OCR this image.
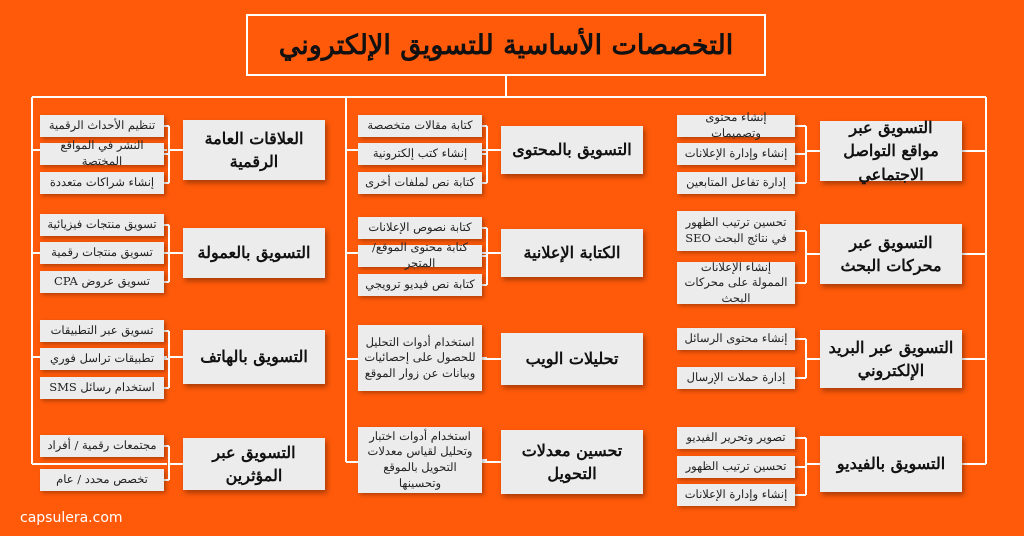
التخصصات الأساسية للتسويق الإلكتروني
التسويق عبر مواقع التواصل الاجتماعي
إنشاء محتوى وتصميمات
إنشاء وإدارة الإعلانات
إدارة تفاعل المتابعين
التسويق عبر محركات البحث
تحسين ترتيب الظهور في نتائج البحث SEO
إنشاء الإعلانات الممولة على محركات البحث
التسويق عبر البريد الإلكتروني
إنشاء محتوى الرسائل
إدارة حملات الإرسال
التسويق بالفيديو
تصوير وتحرير الفيديو
تحسين ترتيب الظهور
إنشاء وإدارة الإعلانات
التسويق بالمحتوى
كتابة مقالات متخصصة
إنشاء كتب إلكترونية
كتابة نص لملفات أخرى
الكتابة الإعلانية
كتابة نصوص الإعلانات
كتابة محتوى الموقع/المتجر
كتابة نص فيديو ترويجي
تحليلات الويب
استخدام أدوات التحليل للحصول على إحصائيات وبيانات عن زوار الموقع
تحسين معدلات التحويل
استخدام أدوات اختبار وتحليل لقياس معدلات التحويل بالموقع وتحسينها
العلاقات العامة الرقمية
تنظيم الأحداث الرقمية
النشر في المواقع المختصة
إنشاء شراكات متعددة
التسويق بالعمولة
تسويق منتجات فيزيائية
تسويق منتجات رقمية
تسويق عروض CPA
التسويق بالهاتف
تسويق عبر التطبيقات
تطبيقات تراسل فوري
استخدام رسائل SMS
التسويق عبر المؤثرين
مجتمعات رقمية / أفراد
تخصص محدد / عام
capsulera.com
